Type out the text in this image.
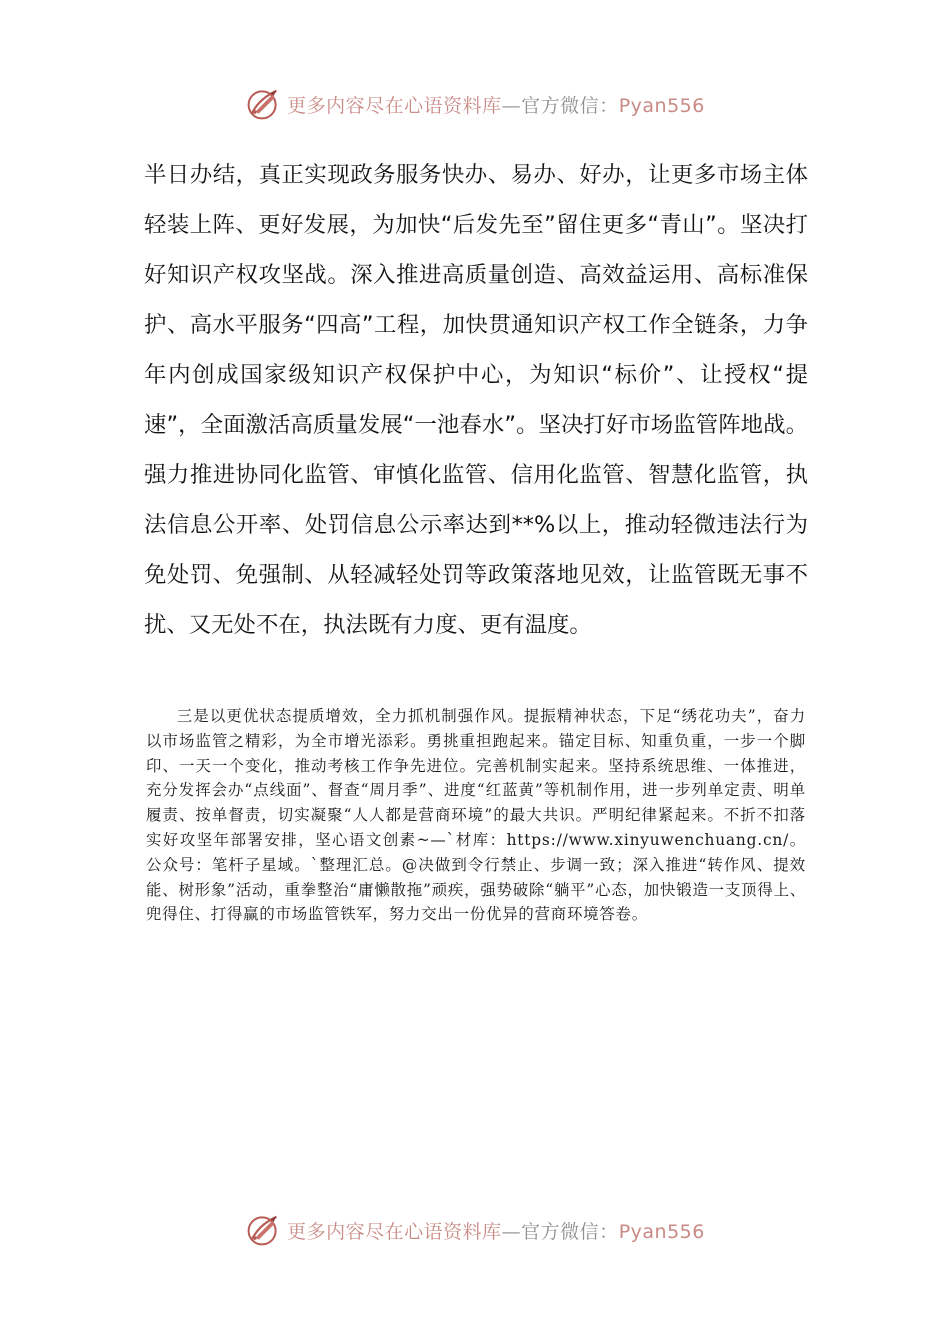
更多内容尽在心语资料库—官方微信：Pyan556

半日办结，真正实现政务服务快办、易办、好办，让更多市场主体轻装上阵、更好发展，为加快“后发先至”留住更多“青山”。坚决打好知识产权攻坚战。深入推进高质量创造、高效益运用、高标准保护、高水平服务“四高”工程，加快贯通知识产权工作全链条，力争年内创成国家级知识产权保护中心，为知识“标价”、让授权“提速”，全面激活高质量发展“一池春水”。坚决打好市场监管阵地战。强力推进协同化监管、审慎化监管、信用化监管、智慧化监管，执法信息公开率、处罚信息公示率达到**%以上，推动轻微违法行为免处罚、免强制、从轻减轻处罚等政策落地见效，让监管既无事不扰、又无处不在，执法既有力度、更有温度。

三是以更优状态提质增效，全力抓机制强作风。提振精神状态，下足“绣花功夫”，奋力以市场监管之精彩，为全市增光添彩。勇挑重担跑起来。锚定目标、知重负重，一步一个脚印、一天一个变化，推动考核工作争先进位。完善机制实起来。坚持系统思维、一体推进，充分发挥会办“点线面”、督查“周月季”、进度“红蓝黄”等机制作用，进一步列单定责、明单履责、按单督责，切实凝聚“人人都是营商环境”的最大共识。严明纪律紧起来。不折不扣落实好攻坚年部署安排，坚心语文创素~—`材库：https://www.xinyuwenchuang.cn/。公众号：笔杆子星域。`整理汇总。@决做到令行禁止、步调一致；深入推进“转作风、提效能、树形象”活动，重拳整治“庸懒散拖”顽疾，强势破除“躺平”心态，加快锻造一支顶得上、兜得住、打得赢的市场监管铁军，努力交出一份优异的营商环境答卷。

更多内容尽在心语资料库—官方微信：Pyan556
